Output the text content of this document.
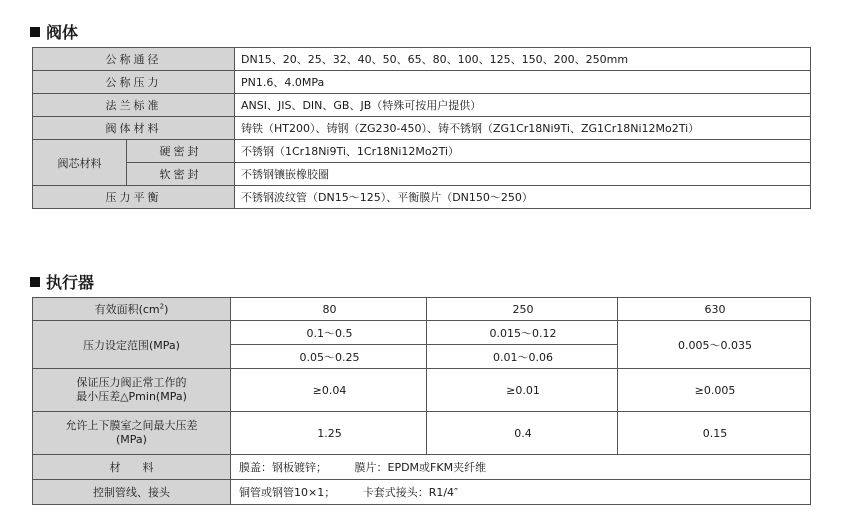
阀体
公称通径		DN15、20、25、32、40、50、65、80、100、125、150、200、250mm
公称压力		PN1.6、4.0MPa
法兰标准		ANSI、JIS、DIN、GB、JB（特殊可按用户提供）
阀体材料		铸铁（HT200）、铸钢（ZG230-450）、铸不锈钢（ZG1Cr18Ni9Ti、ZG1Cr18Ni12Mo2Ti）
阀芯材料	硬密封	不锈钢（1Cr18Ni9Ti、1Cr18Ni12Mo2Ti）
	软密封	不锈钢镶嵌橡胶圈
压力平衡		不锈钢波纹管（DN15～125）、平衡膜片（DN150～250）
执行器
有效面积$(cm^2)$	80	250	630
压力设定范围(MPa)	0.1～0.5	0.015～0.12	0.005～0.035
	0.05～0.25	0.01～0.06	

保证压力阀正常工作的
最小压差△Pmin(MPa)	≥0.04	≥0.01	≥0.005

允许上下膜室之间最大压差
(MPa)	1.25	0.4	0.15
材　　料	膜盖：钢板镀锌；　　　膜片：EPDM或FKM夹纤维		
控制管线、接头	铜管或钢管10×1；　　　卡套式接头：R1/4″		
